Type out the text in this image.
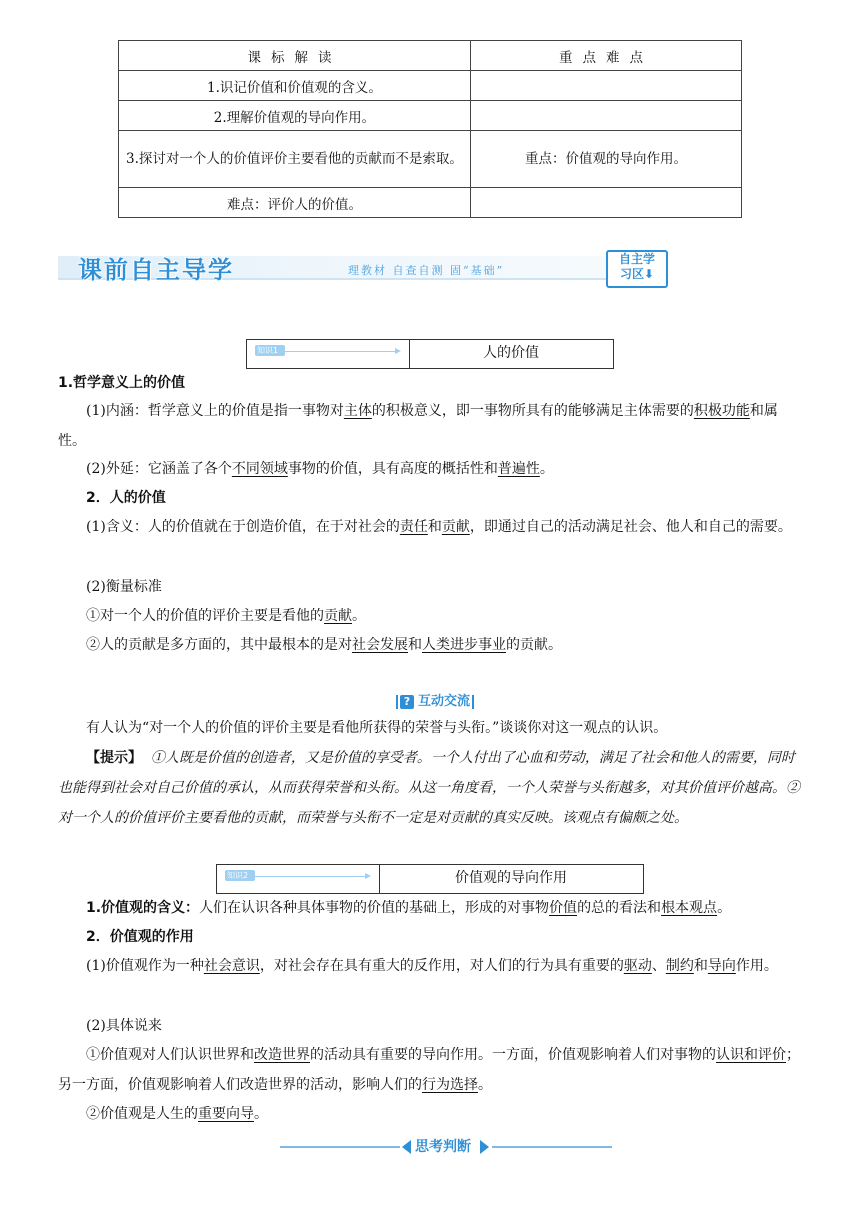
课标解读	重点难点
1.识记价值和价值观的含义。	
2.理解价值观的导向作用。	
3.探讨对一个人的价值评价主要看他的贡献而不是索取。	重点：价值观的导向作用。
难点：评价人的价值。	
课前自主导学	理教材 自查自测 固“基础”
自主学
习区⬇
知识1	人的价值
1.哲学意义上的价值
(1)内涵：哲学意义上的价值是指一事物对主体的积极意义，即一事物所具有的能够满足主体需要的积极功能和属性。
(2)外延：它涵盖了各个不同领域事物的价值，具有高度的概括性和普遍性。
2．人的价值
(1)含义：人的价值就在于创造价值，在于对社会的责任和贡献，即通过自己的活动满足社会、他人和自己的需要。
(2)衡量标准
①对一个人的价值的评价主要是看他的贡献。
②人的贡献是多方面的，其中最根本的是对社会发展和人类进步事业的贡献。
? 互动交流
有人认为“对一个人的价值的评价主要是看他所获得的荣誉与头衔。”谈谈你对这一观点的认识。
【提示】 ①人既是价值的创造者，又是价值的享受者。一个人付出了心血和劳动，满足了社会和他人的需要，同时也能得到社会对自己价值的承认，从而获得荣誉和头衔。从这一角度看，一个人荣誉与头衔越多，对其价值评价越高。②对一个人的价值评价主要看他的贡献，而荣誉与头衔不一定是对贡献的真实反映。该观点有偏颇之处。
知识2	价值观的导向作用
1.价值观的含义：人们在认识各种具体事物的价值的基础上，形成的对事物价值的总的看法和根本观点。
2．价值观的作用
(1)价值观作为一种社会意识，对社会存在具有重大的反作用，对人们的行为具有重要的驱动、制约和导向作用。
(2)具体说来
①价值观对人们认识世界和改造世界的活动具有重要的导向作用。一方面，价值观影响着人们对事物的认识和评价；另一方面，价值观影响着人们改造世界的活动，影响人们的行为选择。
②价值观是人生的重要向导。
思考判断
